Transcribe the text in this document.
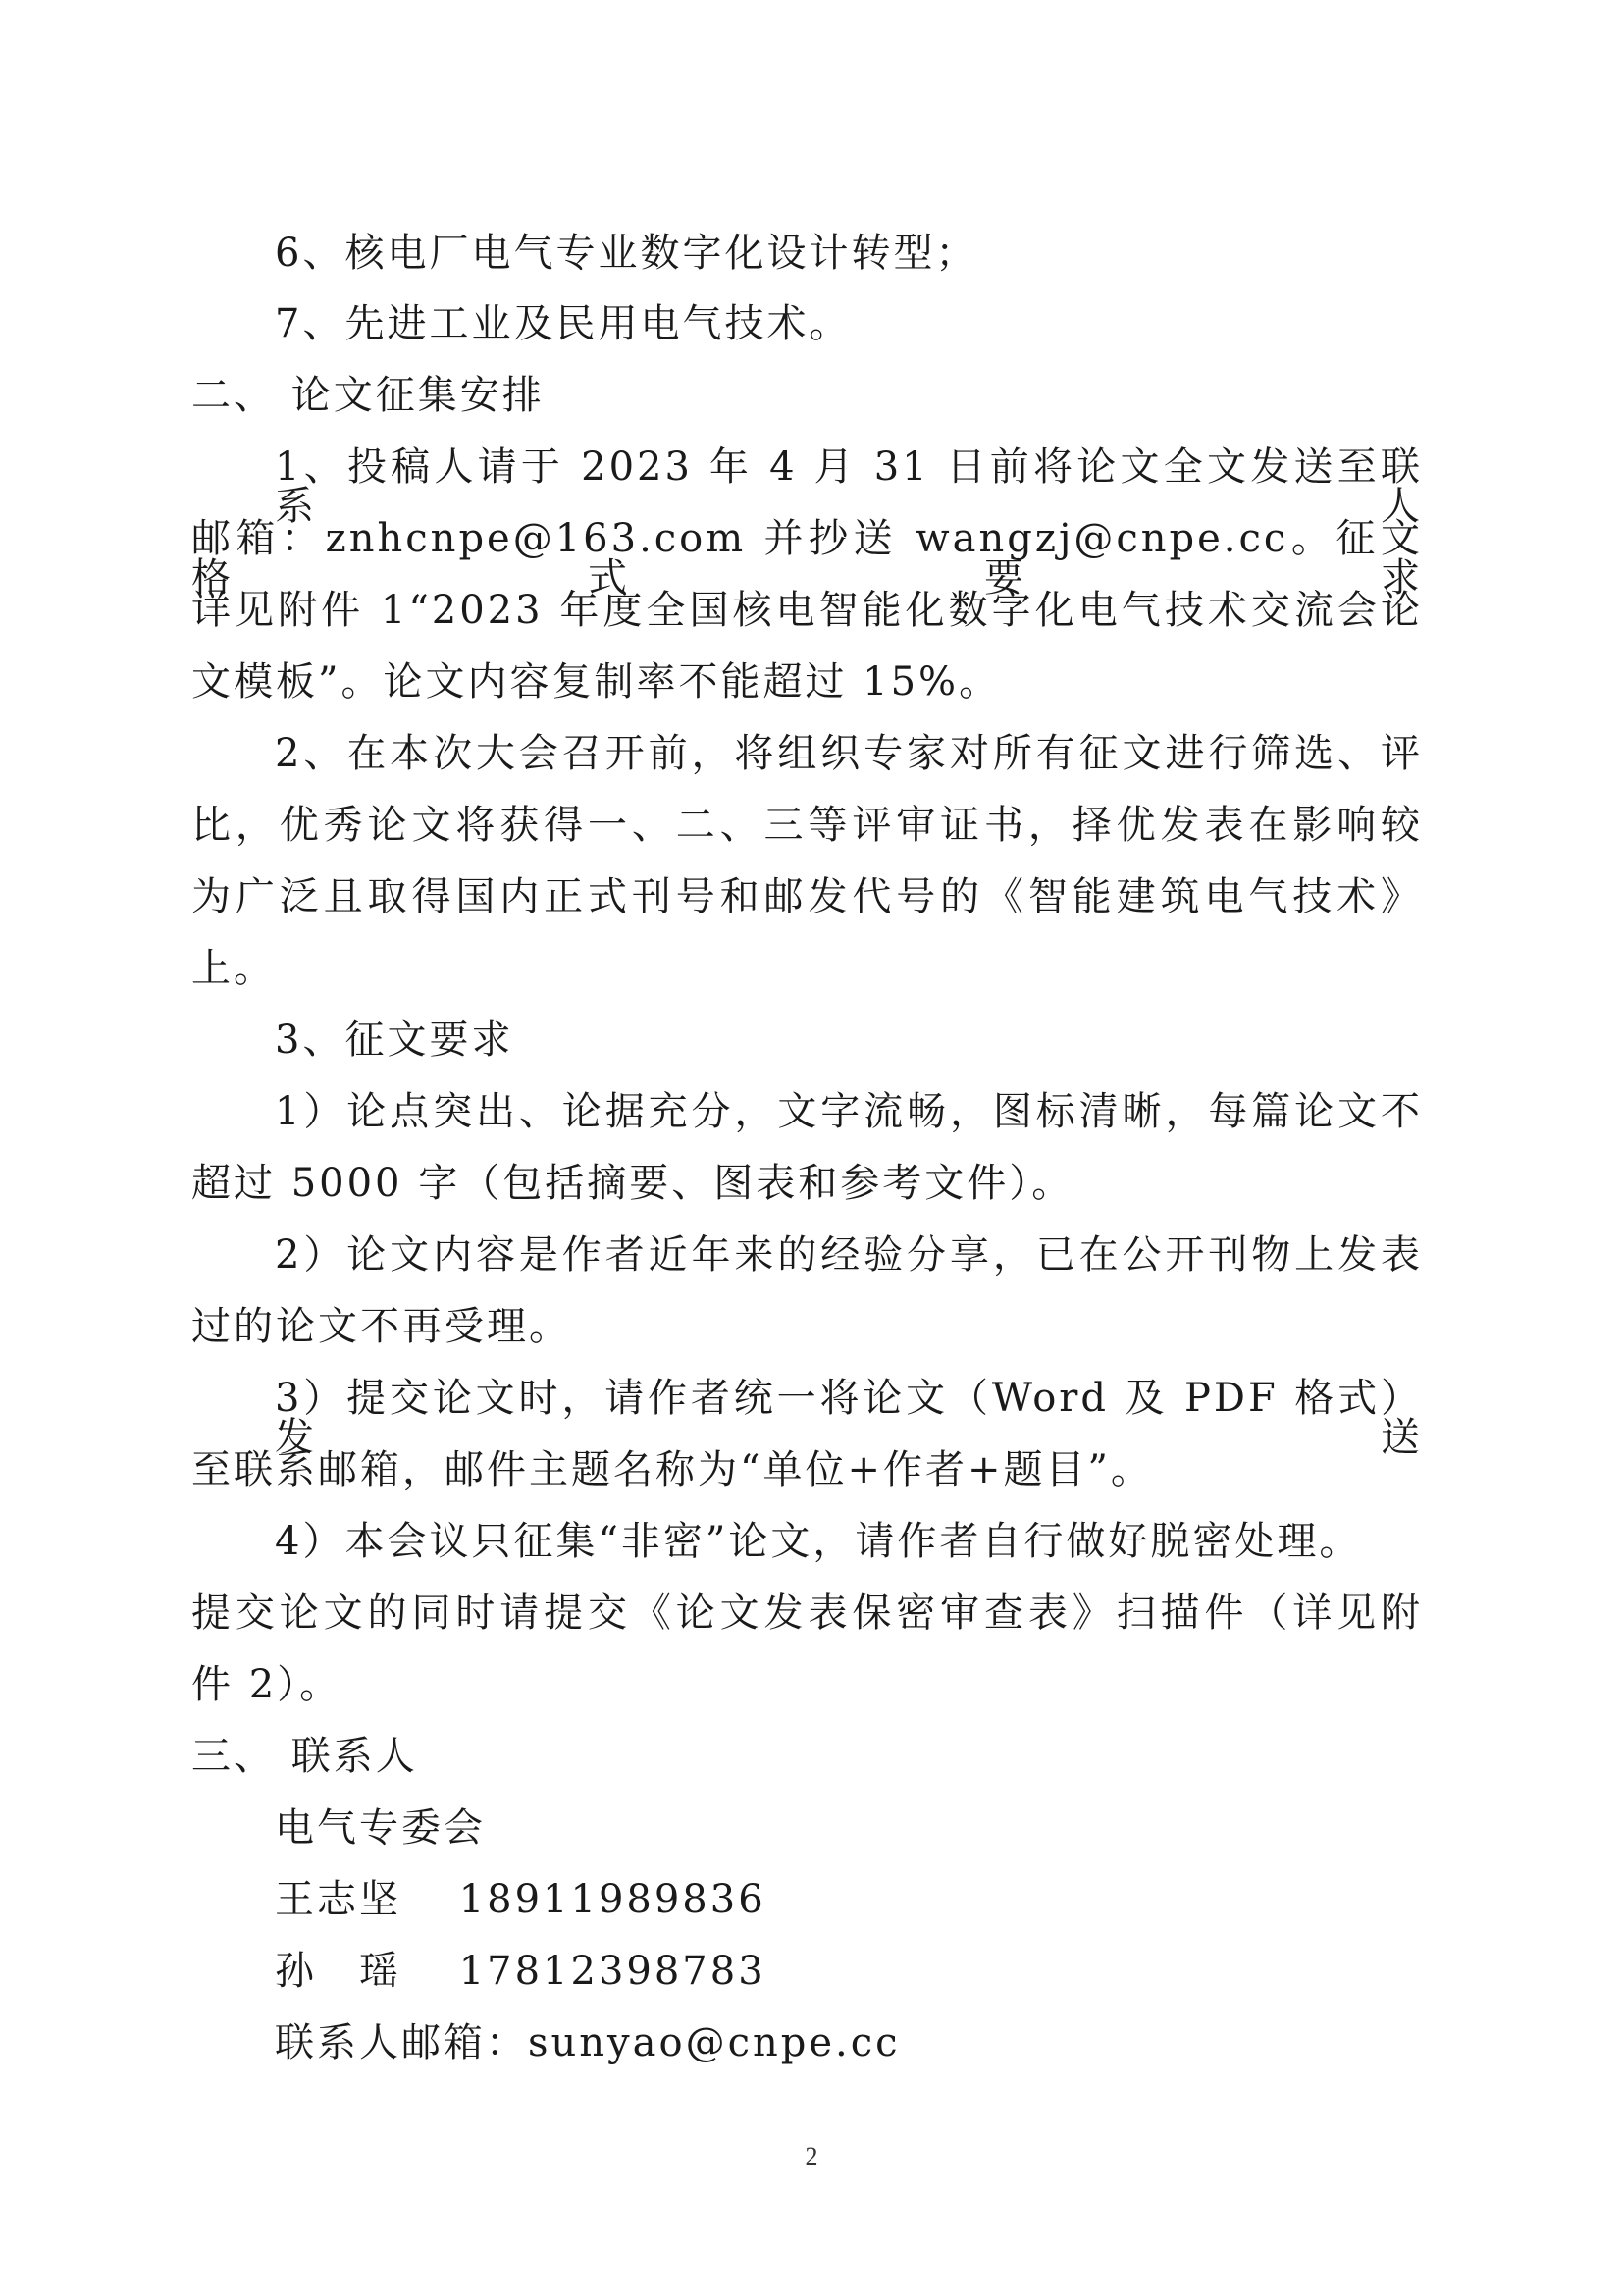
6、核电厂电气专业数字化设计转型；
7、先进工业及民用电气技术。
二、 论文征集安排
1、投稿人请于 2023 年 4 月 31 日前将论文全文发送至联系人
邮箱：znhcnpe@163.com 并抄送 wangzj@cnpe.cc。征文格式要求
详见附件 1“2023 年度全国核电智能化数字化电气技术交流会论
文模板”。论文内容复制率不能超过 15%。
2、在本次大会召开前，将组织专家对所有征文进行筛选、评
比，优秀论文将获得一、二、三等评审证书，择优发表在影响较
为广泛且取得国内正式刊号和邮发代号的《智能建筑电气技术》
上。
3、征文要求
1）论点突出、论据充分，文字流畅，图标清晰，每篇论文不
超过 5000 字（包括摘要、图表和参考文件）。
2）论文内容是作者近年来的经验分享，已在公开刊物上发表
过的论文不再受理。
3）提交论文时，请作者统一将论文（Word 及 PDF 格式）发送
至联系邮箱，邮件主题名称为“单位+作者+题目”。
4）本会议只征集“非密”论文，请作者自行做好脱密处理。
提交论文的同时请提交《论文发表保密审查表》扫描件（详见附
件 2）。
三、 联系人
电气专委会
王志坚 　18911989836
孙　瑶 　17812398783
联系人邮箱：sunyao@cnpe.cc
2
